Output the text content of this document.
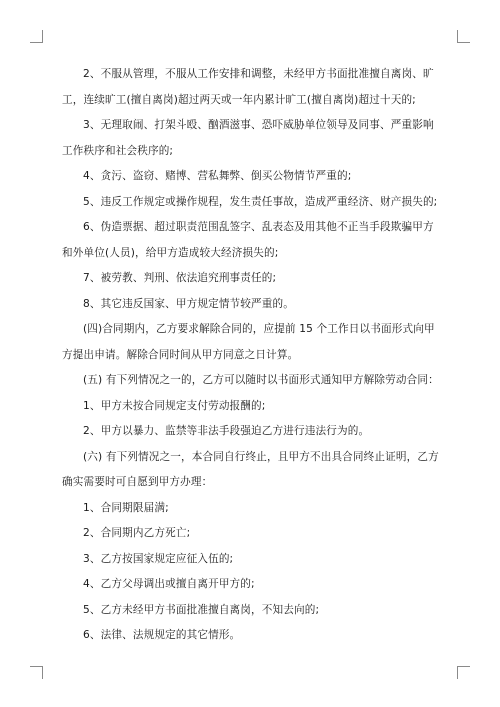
2、不服从管理，不服从工作安排和调整，未经甲方书面批准擅自离岗、旷工，连续旷工(擅自离岗)超过两天或一年内累计旷工(擅自离岗)超过十天的;

3、无理取闹、打架斗殴、酗酒滋事、恐吓威胁单位领导及同事、严重影响工作秩序和社会秩序的;

4、贪污、盗窃、赌博、营私舞弊、倒买公物情节严重的;

5、违反工作规定或操作规程，发生责任事故，造成严重经济、财产损失的;

6、伪造票据、超过职责范围乱签字、乱表态及用其他不正当手段欺骗甲方和外单位(人员)，给甲方造成较大经济损失的;

7、被劳教、判刑、依法追究刑事责任的;

8、其它违反国家、甲方规定情节较严重的。

(四)合同期内，乙方要求解除合同的，应提前 15 个工作日以书面形式向甲方提出申请。解除合同时间从甲方同意之日计算。

(五) 有下列情况之一的，乙方可以随时以书面形式通知甲方解除劳动合同：

1、甲方未按合同规定支付劳动报酬的;

2、甲方以暴力、监禁等非法手段强迫乙方进行违法行为的。

(六) 有下列情况之一，本合同自行终止，且甲方不出具合同终止证明，乙方确实需要时可自愿到甲方办理：

1、合同期限届满;

2、合同期内乙方死亡;

3、乙方按国家规定应征入伍的;

4、乙方父母调出或擅自离开甲方的;

5、乙方未经甲方书面批准擅自离岗，不知去向的;

6、法律、法规规定的其它情形。
